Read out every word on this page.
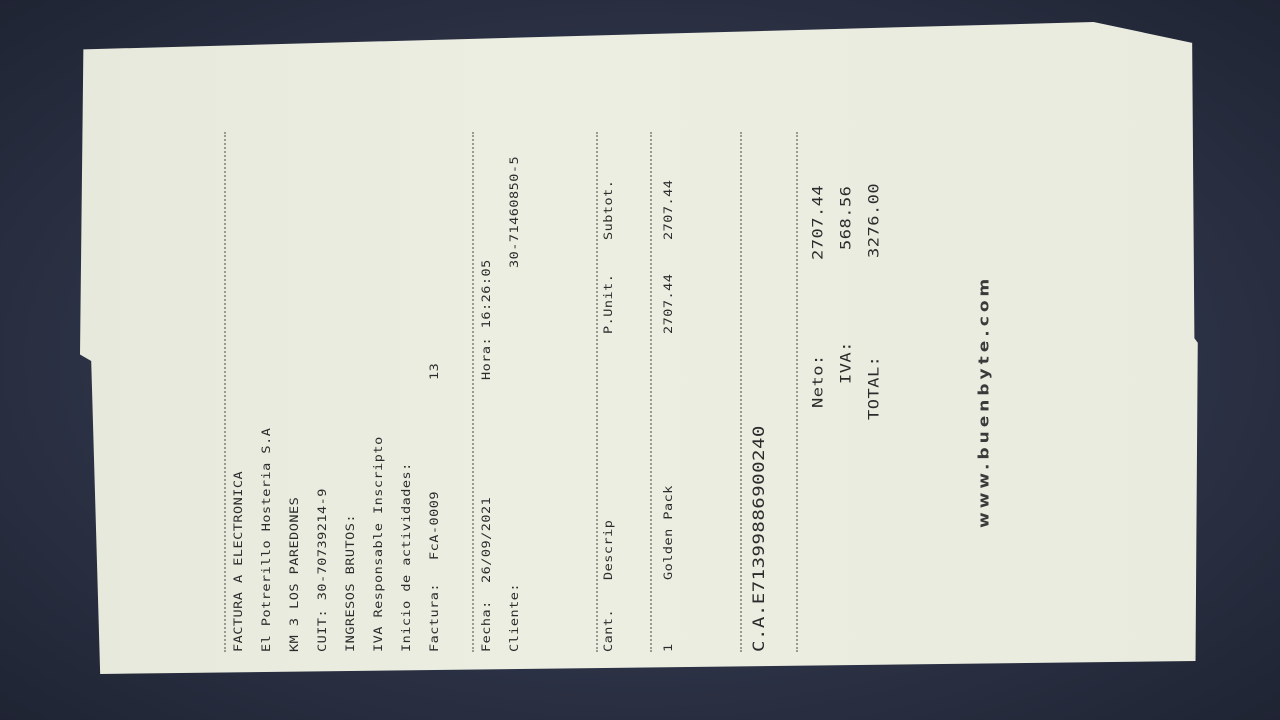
FACTURA A ELECTRONICA El Potrerillo Hosteria S.A KM 3 LOS PAREDONES CUIT: 30-70739214-9 INGRESOS BRUTOS: IVA Responsable Inscripto Inicio de actividades: Factura:
FcA-0009
13
Fecha:  26/09/2021
Hora: 16:26:05
Cliente:
30-71460850-5
Cant.
Descrip
P.Unit.
Subtot.
1
Golden Pack
2707.44
2707.44
C.A.E71399886900240
Neto:
2707.44
IVA:
568.56
TOTAL:
3276.00
www.buenbyte.com
